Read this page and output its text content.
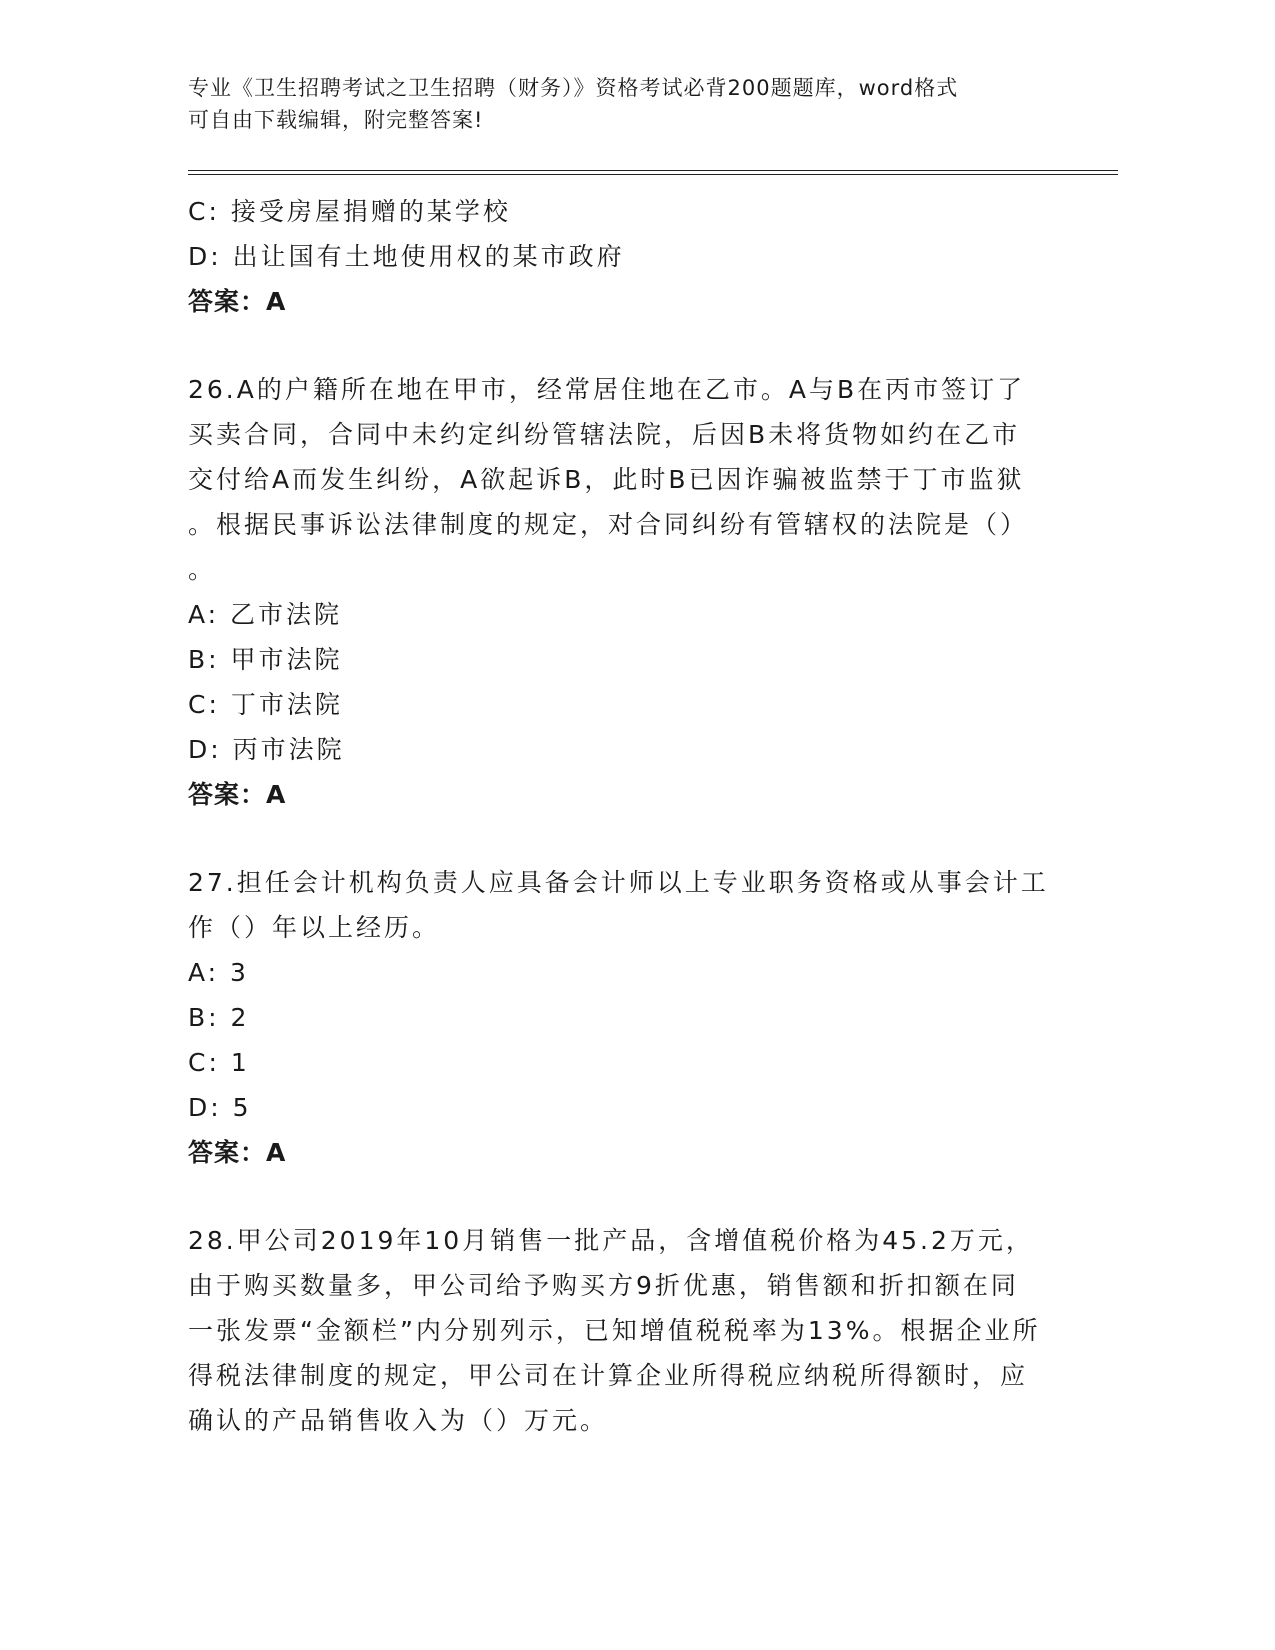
专业《卫生招聘考试之卫生招聘（财务）》资格考试必背200题题库，word格式
可自由下载编辑，附完整答案!

C: 接受房屋捐赠的某学校

D: 出让国有土地使用权的某市政府

答案：A

26.A的户籍所在地在甲市，经常居住地在乙市。A与B在丙市签订了

买卖合同，合同中未约定纠纷管辖法院，后因B未将货物如约在乙市

交付给A而发生纠纷，A欲起诉B，此时B已因诈骗被监禁于丁市监狱

。根据民事诉讼法律制度的规定，对合同纠纷有管辖权的法院是（）

。

A: 乙市法院

B: 甲市法院

C: 丁市法院

D: 丙市法院

答案：A

27.担任会计机构负责人应具备会计师以上专业职务资格或从事会计工

作（）年以上经历。

A: 3

B: 2

C: 1

D: 5

答案：A

28.甲公司2019年10月销售一批产品，含增值税价格为45.2万元，

由于购买数量多，甲公司给予购买方9折优惠，销售额和折扣额在同

一张发票“金额栏”内分别列示，已知增值税税率为13%。根据企业所

得税法律制度的规定，甲公司在计算企业所得税应纳税所得额时，应

确认的产品销售收入为（）万元。
